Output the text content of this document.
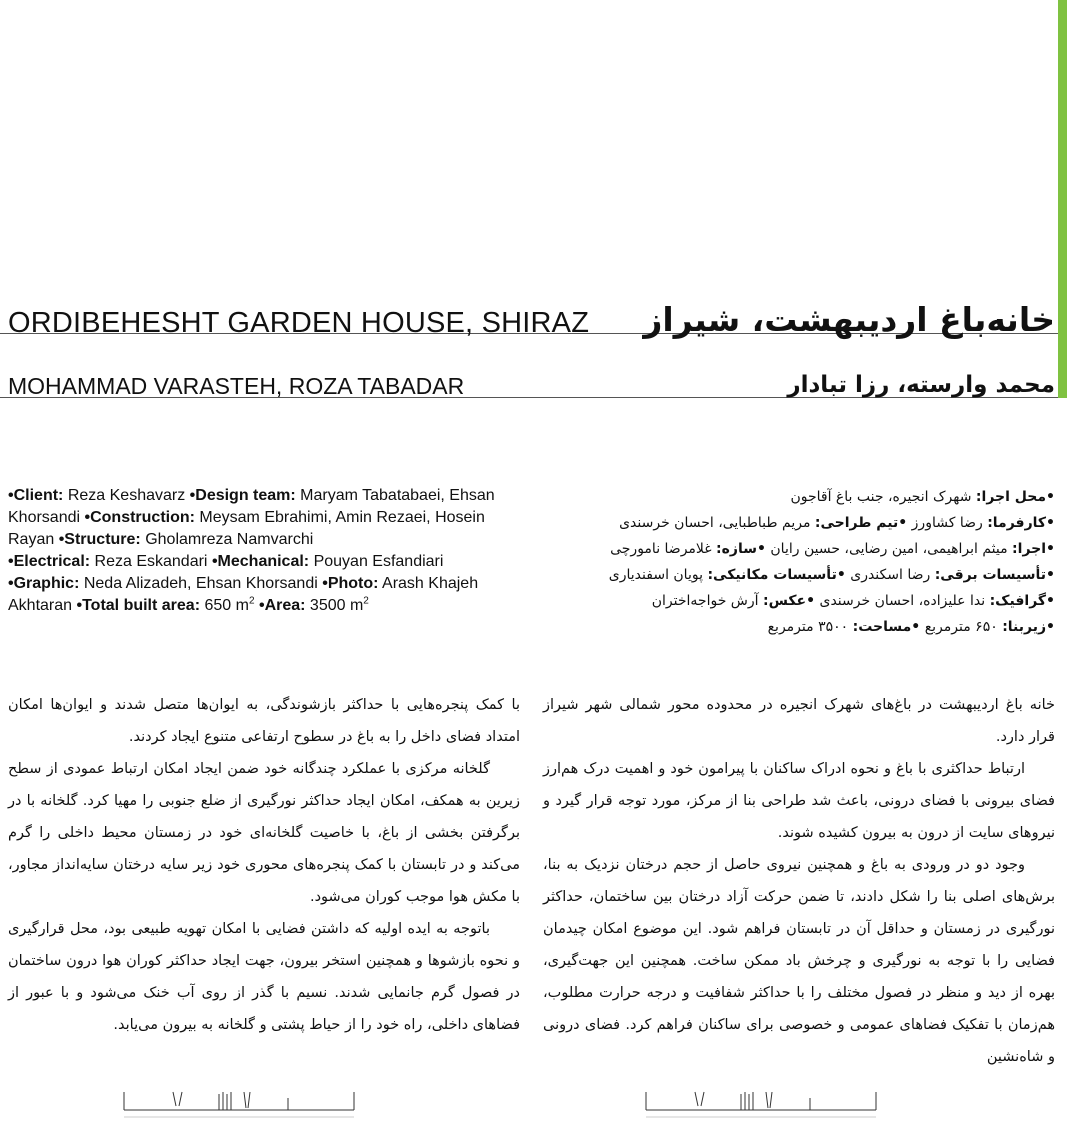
ORDIBEHESHT GARDEN HOUSE, SHIRAZ خانه‌باغ اردیبهشت، شیراز
MOHAMMAD VARASTEH, ROZA TABADAR	محمد وارسته، رزا تبادار
•Client: Reza Keshavarz •Design team: Maryam Tabatabaei, Ehsan Khorsandi •Construction: Meysam Ebrahimi, Amin Rezaei, Hosein Rayan •Structure: Gholamreza Namvarchi
•Electrical: Reza Eskandari •Mechanical: Pouyan Esfandiari
•Graphic: Neda Alizadeh, Ehsan Khorsandi •Photo: Arash Khajeh Akhtaran •Total built area: 650 $m^2$ •Area: 3500 $m^2$
•محل اجرا: شهرک انجیره، جنب باغ آقاجون
•کارفرما: رضا کشاورز •تیم طراحی: مریم طباطبایی، احسان خرسندی
•اجرا: میثم ابراهیمی، امین رضایی، حسین رایان •سازه: غلامرضا نامورچی
•تأسیسات برقی: رضا اسکندری •تأسیسات مکانیکی: پویان اسفندیاری
•گرافیک: ندا علیزاده، احسان خرسندی •عکس: آرش خواجه‌اختران
•زیربنا: ۶۵۰ مترمربع •مساحت: ۳۵۰۰ مترمربع

خانه باغ اردیبهشت در باغ‌های شهرک انجیره در محدوده محور شمالی شهر شیراز قرار دارد.

ارتباط حداکثری با باغ و نحوه ادراک ساکنان با پیرامون خود و اهمیت درک هم‌ارز فضای بیرونی با فضای درونی، باعث شد طراحی بنا از مرکز، مورد توجه قرار گیرد و نیروهای سایت از درون به بیرون کشیده شوند.

وجود دو در ورودی به باغ و همچنین نیروی حاصل از حجم درختان نزدیک به بنا، برش‌های اصلی بنا را شکل دادند، تا ضمن حرکت آزاد درختان بین ساختمان، حداکثر نورگیری در زمستان و حداقل آن در تابستان فراهم شود. این موضوع امکان چیدمان فضایی را با توجه به نورگیری و چرخش باد ممکن ساخت. همچنین این جهت‌گیری، بهره از دید و منظر در فصول مختلف را با حداکثر شفافیت و درجه حرارت مطلوب، هم‌زمان با تفکیک فضاهای عمومی و خصوصی برای ساکنان فراهم کرد. فضای درونی و شاه‌نشین

با کمک پنجره‌هایی با حداکثر بازشوندگی، به ایوان‌ها متصل شدند و ایوان‌ها امکان امتداد فضای داخل را به باغ در سطوح ارتفاعی متنوع ایجاد کردند.

گلخانه مرکزی با عملکرد چندگانه خود ضمن ایجاد امکان ارتباط عمودی از سطح زیرین به همکف، امکان ایجاد حداکثر نورگیری از ضلع جنوبی را مهیا کرد. گلخانه با در برگرفتن بخشی از باغ، با خاصیت گلخانه‌ای خود در زمستان محیط داخلی را گرم می‌کند و در تابستان با کمک پنجره‌های محوری خود زیر سایه درختان سایه‌انداز مجاور، با مکش هوا موجب کوران می‌شود.

باتوجه به ایده اولیه که داشتن فضایی با امکان تهویه طبیعی بود، محل قرارگیری و نحوه بازشوها و همچنین استخر بیرون، جهت ایجاد حداکثر کوران هوا درون ساختمان در فصول گرم جانمایی شدند. نسیم با گذر از روی آب خنک می‌شود و با عبور از فضاهای داخلی، راه خود را از حیاط پشتی و گلخانه به بیرون می‌یابد.
